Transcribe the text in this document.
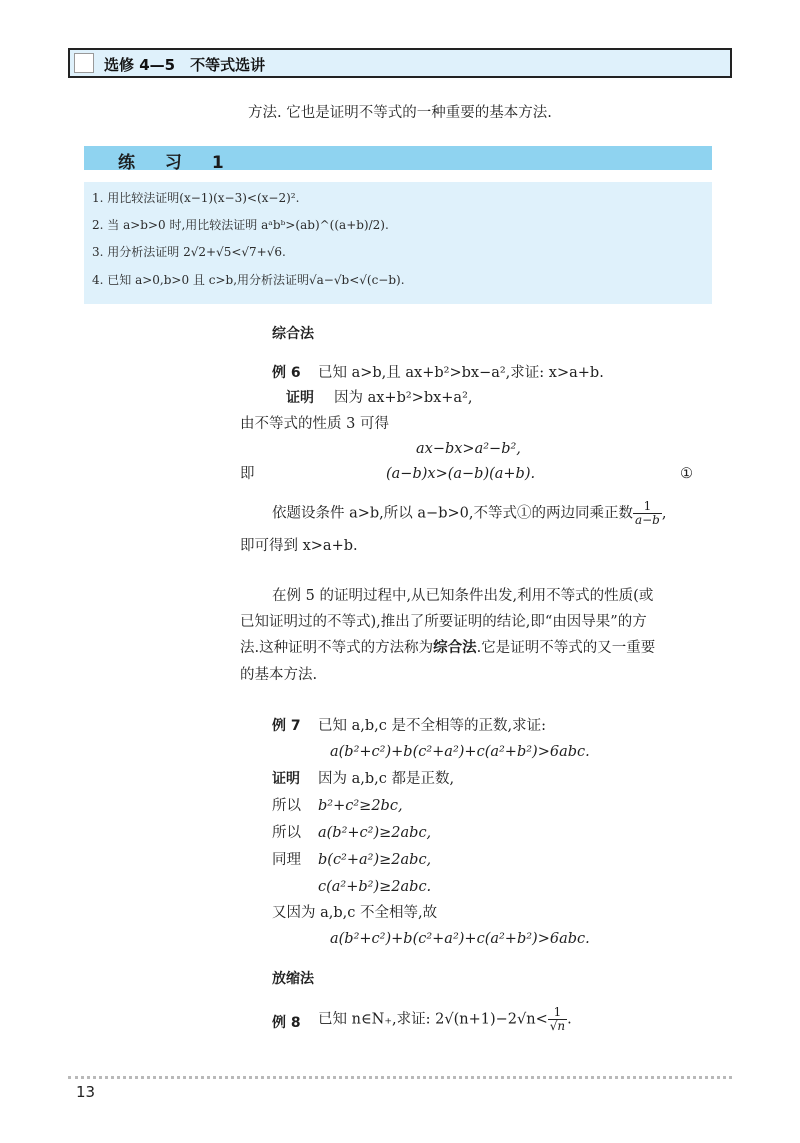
选修 4—5　不等式选讲
方法. 它也是证明不等式的一种重要的基本方法.
练 习 1
1. 用比较法证明(x−1)(x−3)<(x−2)².
2. 当 a>b>0 时,用比较法证明 aᵃbᵇ>(ab)^((a+b)/2).
3. 用分析法证明 2√2+√5<√7+√6.
4. 已知 a>0,b>0 且 c>b,用分析法证明√a−√b<√(c−b).
综合法
例 6 已知 a>b,且 ax+b²>bx−a²,求证: x>a+b.
证明 因为 ax+b²>bx+a²,
由不等式的性质 3 可得
ax−bx>a²−b²,
即	(a−b)x>(a−b)(a+b).	①
依题设条件 a>b,所以 a−b>0,不等式①的两边同乘正数 $\frac{1}{a-b}$ ,
即可得到 x>a+b.
在例 5 的证明过程中,从已知条件出发,利用不等式的性质(或
已知证明过的不等式),推出了所要证明的结论,即“由因导果”的方
法.这种证明不等式的方法称为综合法.它是证明不等式的又一重要
的基本方法.
例 7 已知 a,b,c 是不全相等的正数,求证:
a(b²+c²)+b(c²+a²)+c(a²+b²)>6abc.
证明 因为 a,b,c 都是正数,
所以 b²+c²≥2bc,
所以 a(b²+c²)≥2abc,
同理 b(c²+a²)≥2abc,
c(a²+b²)≥2abc.
又因为 a,b,c 不全相等,故
a(b²+c²)+b(c²+a²)+c(a²+b²)>6abc.
放缩法
例 8 已知 n∈N₊,求证: $2√(n+1)-2√n< \frac{1}{√n}$ .
13
